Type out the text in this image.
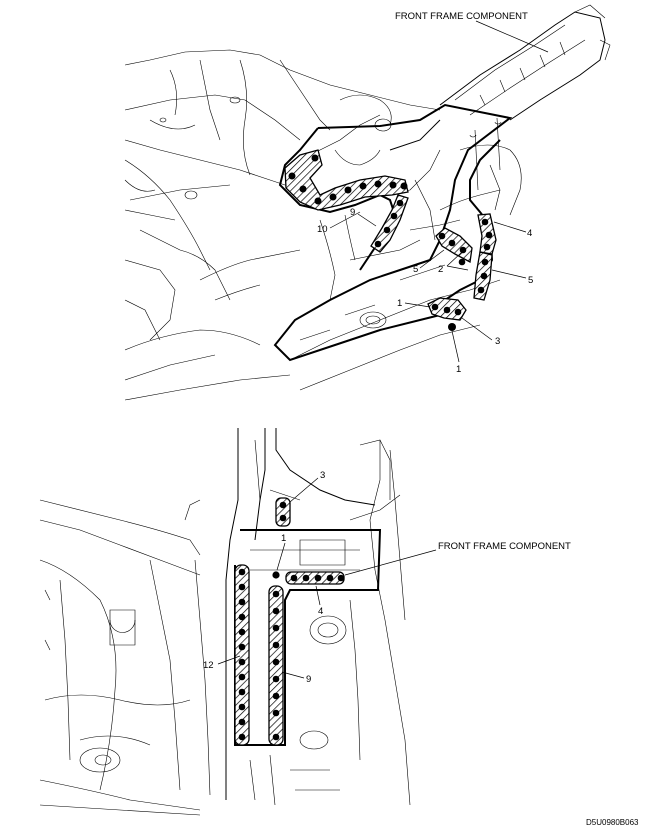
FRONT FRAME COMPONENT
10
9
4
5 2
5
1
3
1
3
1
4
12
9
FRONT FRAME COMPONENT
D5U0980B063
